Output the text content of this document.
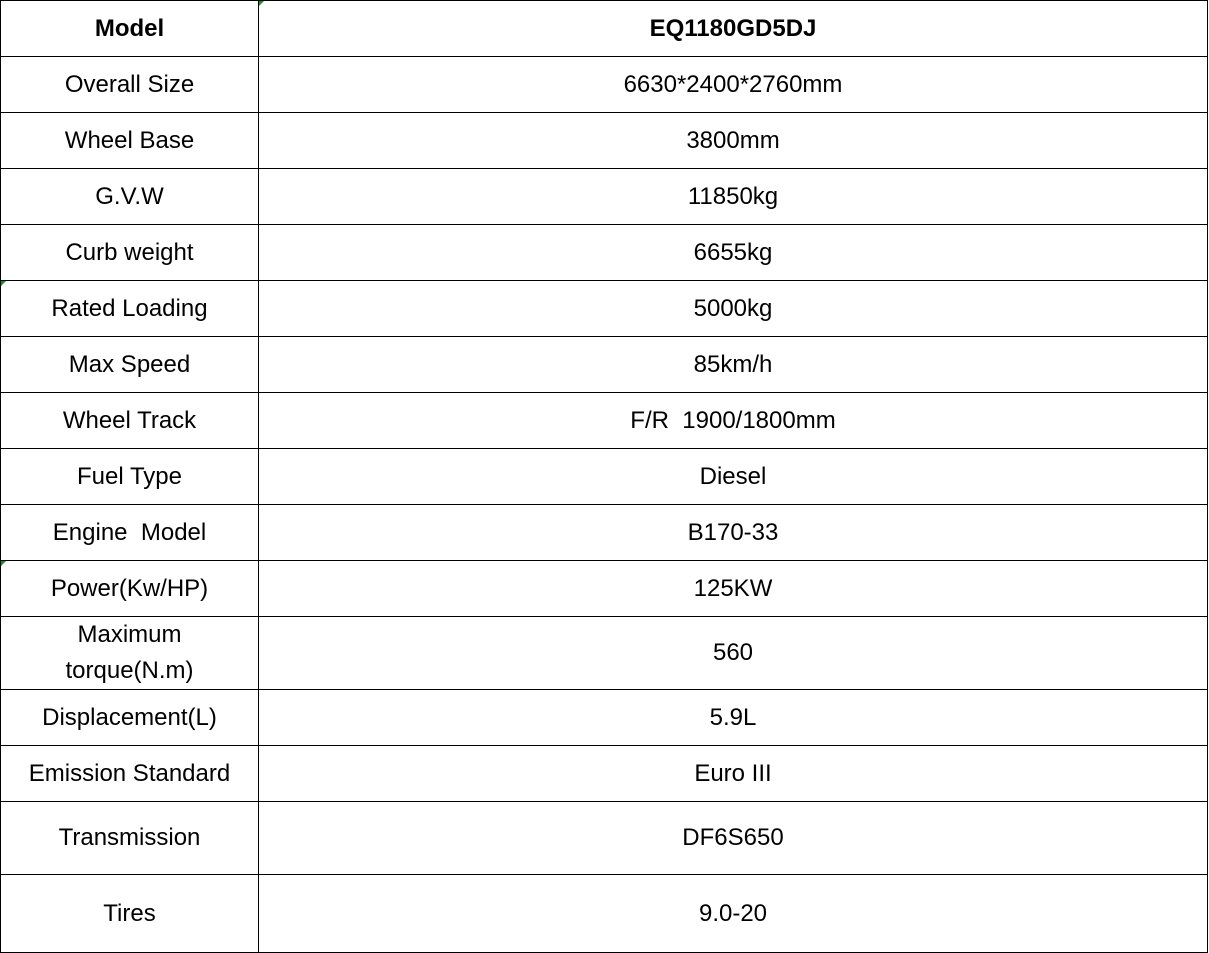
Model	EQ1180GD5DJ
Overall Size	6630*2400*2760mm
Wheel Base	3800mm
G.V.W	11850kg
Curb weight	6655kg
Rated Loading	5000kg
Max Speed	85km/h
Wheel Track	F/R  1900/1800mm
Fuel Type	Diesel
Engine  Model	B170-33
Power(Kw/HP)	125KW
Maximum torque(N.m)	560
Displacement(L)	5.9L
Emission Standard	Euro III
Transmission	DF6S650
Tires	9.0-20
